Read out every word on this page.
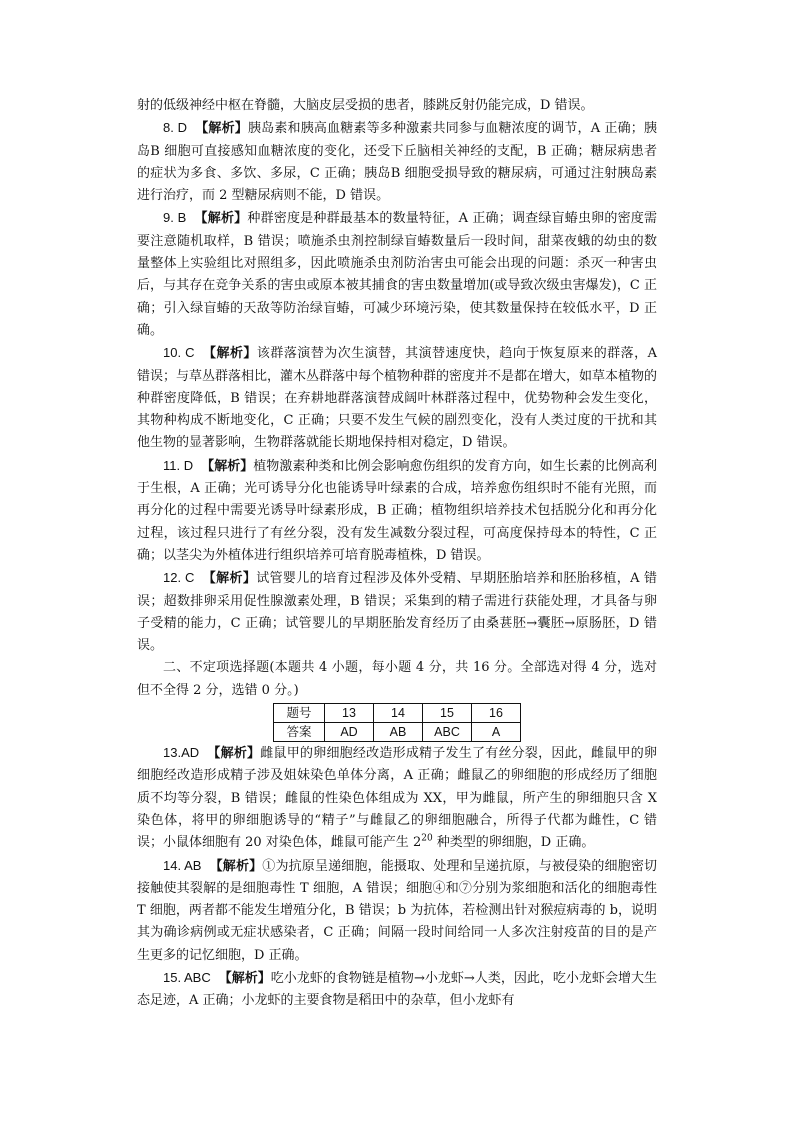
射的低级神经中枢在脊髓，大脑皮层受损的患者，膝跳反射仍能完成，D 错误。

8. D 【解析】胰岛素和胰高血糖素等多种激素共同参与血糖浓度的调节，A 正确；胰岛B 细胞可直接感知血糖浓度的变化，还受下丘脑相关神经的支配，B 正确；糖尿病患者的症状为多食、多饮、多尿，C 正确；胰岛B 细胞受损导致的糖尿病，可通过注射胰岛素进行治疗，而 2 型糖尿病则不能，D 错误。

9. B 【解析】种群密度是种群最基本的数量特征，A 正确；调查绿盲蝽虫卵的密度需要注意随机取样，B 错误；喷施杀虫剂控制绿盲蝽数量后一段时间，甜菜夜蛾的幼虫的数量整体上实验组比对照组多，因此喷施杀虫剂防治害虫可能会出现的问题：杀灭一种害虫后，与其存在竞争关系的害虫或原本被其捕食的害虫数量增加(或导致次级虫害爆发)，C 正确；引入绿盲蝽的天敌等防治绿盲蝽，可减少环境污染，使其数量保持在较低水平，D 正确。

10. C 【解析】该群落演替为次生演替，其演替速度快，趋向于恢复原来的群落，A 错误；与草丛群落相比，灌木丛群落中每个植物种群的密度并不是都在增大，如草本植物的种群密度降低，B 错误；在弃耕地群落演替成阔叶林群落过程中，优势物种会发生变化，其物种构成不断地变化，C 正确；只要不发生气候的剧烈变化，没有人类过度的干扰和其他生物的显著影响，生物群落就能长期地保持相对稳定，D 错误。

11. D 【解析】植物激素种类和比例会影响愈伤组织的发育方向，如生长素的比例高利于生根，A 正确；光可诱导分化也能诱导叶绿素的合成，培养愈伤组织时不能有光照，而再分化的过程中需要光诱导叶绿素形成，B 正确；植物组织培养技术包括脱分化和再分化过程，该过程只进行了有丝分裂，没有发生减数分裂过程，可高度保持母本的特性，C 正确；以茎尖为外植体进行组织培养可培育脱毒植株，D 错误。

12. C 【解析】试管婴儿的培育过程涉及体外受精、早期胚胎培养和胚胎移植，A 错误；超数排卵采用促性腺激素处理，B 错误；采集到的精子需进行获能处理，才具备与卵子受精的能力，C 正确；试管婴儿的早期胚胎发育经历了由桑葚胚→囊胚→原肠胚，D 错误。

二、不定项选择题(本题共 4 小题，每小题 4 分，共 16 分。全部选对得 4 分，选对但不全得 2 分，选错 0 分。)

题号	13	14	15	16
答案	AD	AB	ABC	A

13.AD 【解析】雌鼠甲的卵细胞经改造形成精子发生了有丝分裂，因此，雌鼠甲的卵细胞经改造形成精子涉及姐妹染色单体分离，A 正确；雌鼠乙的卵细胞的形成经历了细胞质不均等分裂，B 错误；雌鼠的性染色体组成为 XX，甲为雌鼠，所产生的卵细胞只含 X 染色体，将甲的卵细胞诱导的“精子”与雌鼠乙的卵细胞融合，所得子代都为雌性，C 错误；小鼠体细胞有 20 对染色体，雌鼠可能产生 $2^{20}$ 种类型的卵细胞，D 正确。

14. AB 【解析】①为抗原呈递细胞，能摄取、处理和呈递抗原，与被侵染的细胞密切接触使其裂解的是细胞毒性 T 细胞，A 错误；细胞④和⑦分别为浆细胞和活化的细胞毒性 T 细胞，两者都不能发生增殖分化，B 错误；b 为抗体，若检测出针对猴痘病毒的 b，说明其为确诊病例或无症状感染者，C 正确；间隔一段时间给同一人多次注射疫苗的目的是产生更多的记忆细胞，D 正确。

15. ABC 【解析】吃小龙虾的食物链是植物→小龙虾→人类，因此，吃小龙虾会增大生态足迹，A 正确；小龙虾的主要食物是稻田中的杂草，但小龙虾有
